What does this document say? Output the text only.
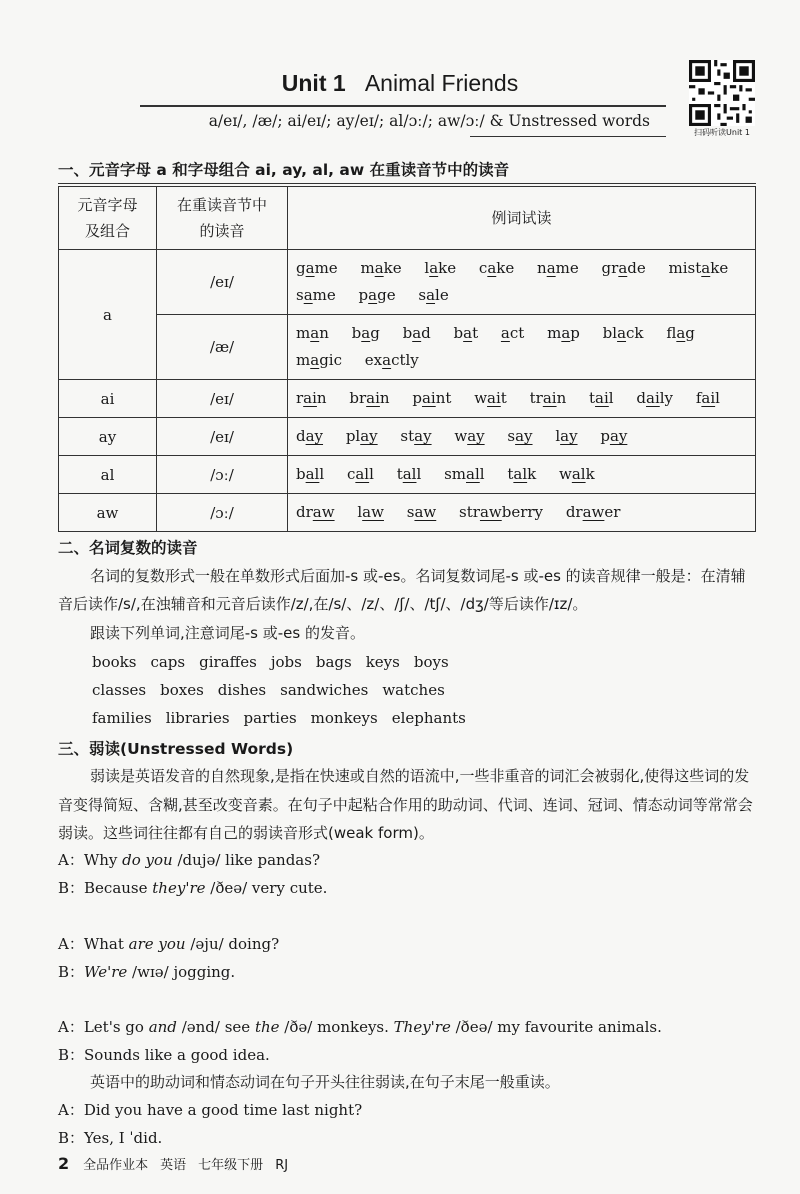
Unit 1 Animal Friends
a/eɪ/, /æ/; ai/eɪ/; ay/eɪ/; al/ɔː/; aw/ɔː/ & Unstressed words
扫码听读Unit 1
一、元音字母 a 和字母组合 ai, ay, al, aw 在重读音节中的读音
元音字母及组合	在重读音节中的读音	例词试读
a	/eɪ/	game make lake cake name grade mistake same page sale
	/æ/	man bag bad bat act map black flag magic exactly
ai	/eɪ/	rain brain paint wait train tail daily fail
ay	/eɪ/	day play stay way say lay pay
al	/ɔː/	ball call tall small talk walk
aw	/ɔː/	draw law saw strawberry drawer
二、名词复数的读音
名词的复数形式一般在单数形式后面加-s 或-es。名词复数词尾-s 或-es 的读音规律一般是：在清辅音后读作/s/,在浊辅音和元音后读作/z/,在/s/、/z/、/ʃ/、/tʃ/、/dʒ/等后读作/ɪz/。
跟读下列单词,注意词尾-s 或-es 的发音。
books caps giraffes jobs bags keys boys
classes boxes dishes sandwiches watches
families libraries parties monkeys elephants
三、弱读(Unstressed Words)
弱读是英语发音的自然现象,是指在快速或自然的语流中,一些非重音的词汇会被弱化,使得这些词的发音变得简短、含糊,甚至改变音素。在句子中起粘合作用的助动词、代词、连词、冠词、情态动词等常常会弱读。这些词往往都有自己的弱读音形式(weak form)。
A：Why do you /dujə/ like pandas?
B：Because they're /ðeə/ very cute.
A：What are you /əju/ doing?
B：We're /wɪə/ jogging.
A：Let's go and /ənd/ see the /ðə/ monkeys. They're /ðeə/ my favourite animals.
B：Sounds like a good idea.
英语中的助动词和情态动词在句子开头往往弱读,在句子末尾一般重读。
A：Did you have a good time last night?
B：Yes, I ˈdid.
2 全品作业本 英语 七年级下册 RJ
